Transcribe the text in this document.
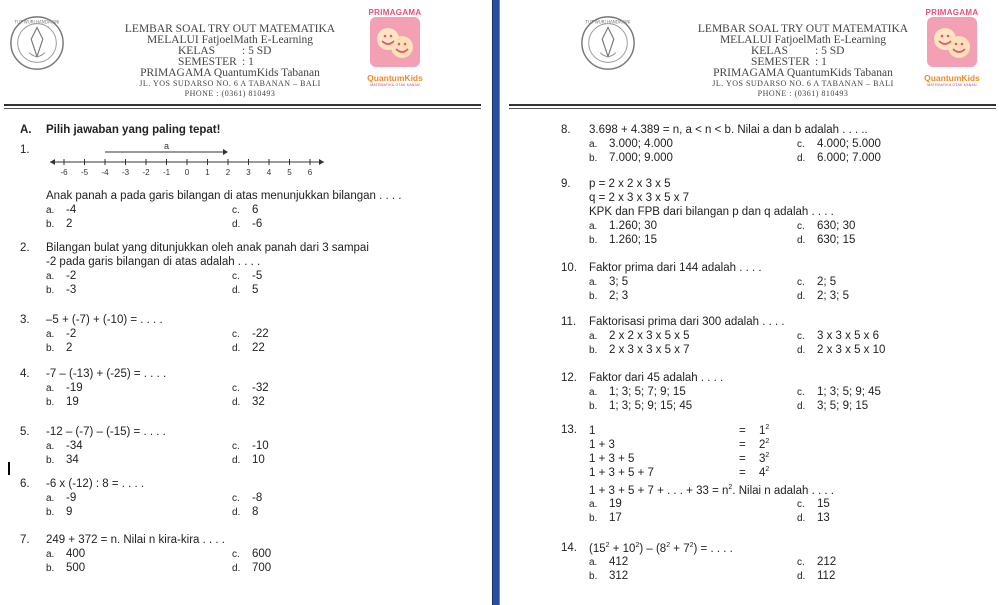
TUT WURI HANDAYANI
LEMBAR SOAL TRY OUT MATEMATIKA
MELALUI FatjoelMath E-Learning
KELAS : 5 SD
SEMESTER : 1
PRIMAGAMA QuantumKids Tabanan
JL. YOS SUDARSO NO. 6 A TABANAN – BALI
PHONE : (0361) 810493
PRIMAGAMA
QuantumKids
MATEMATIKA OTAK KANAN
A. Pilih jawaban yang paling tepat!
1.
-6 -5 -4 -3 -2 -1 0 1 2 3 4 5 6
a
Anak panah a pada garis bilangan di atas menunjukkan bilangan . . . .
a. -4
b. 2
c. 6
d. -6
2. Bilangan bulat yang ditunjukkan oleh anak panah dari 3 sampai
-2 pada garis bilangan di atas adalah . . . .
a. -2
b. -3
c. -5
d. 5
3. –5 + (-7) + (-10) = . . . .
a. -2
b. 2
c. -22
d. 22
4. -7 – (-13) + (-25) = . . . .
a. -19
b. 19
c. -32
d. 32
5. -12 – (-7) – (-15) = . . . .
a. -34
b. 34
c. -10
d. 10
6. -6 x (-12) : 8 = . . . .
a. -9
b. 9
c. -8
d. 8
7. 249 + 372 = n. Nilai n kira-kira . . . .
a. 400
b. 500
c. 600
d. 700
TUT WURI HANDAYANI
LEMBAR SOAL TRY OUT MATEMATIKA
MELALUI FatjoelMath E-Learning
KELAS : 5 SD
SEMESTER : 1
PRIMAGAMA QuantumKids Tabanan
JL. YOS SUDARSO NO. 6 A TABANAN – BALI
PHONE : (0361) 810493
PRIMAGAMA
QuantumKids
MATEMATIKA OTAK KANAN
8. 3.698 + 4.389 = n, a < n < b. Nilai a dan b adalah . . . ..
a. 3.000; 4.000
b. 7.000; 9.000
c. 4.000; 5.000
d. 6.000; 7.000
9. p = 2 x 2 x 3 x 5
q = 2 x 3 x 3 x 5 x 7
KPK dan FPB dari bilangan p dan q adalah . . . .
a. 1.260; 30
b. 1.260; 15
c. 630; 30
d. 630; 15
10. Faktor prima dari 144 adalah . . . .
a. 3; 5
b. 2; 3
c. 2; 5
d. 2; 3; 5
11. Faktorisasi prima dari 300 adalah . . . .
a. 2 x 2 x 3 x 5 x 5
b. 2 x 3 x 3 x 5 x 7
c. 3 x 3 x 5 x 6
d. 2 x 3 x 5 x 10
12. Faktor dari 45 adalah . . . .
a. 1; 3; 5; 7; 9; 15
b. 1; 3; 5; 9; 15; 45
c. 1; 3; 5; 9; 45
d. 3; 5; 9; 15
13. 1	= $1^2$
1 + 3	= $2^2$
1 + 3 + 5	= $3^2$
1 + 3 + 5 + 7	= $4^2$
1 + 3 + 5 + 7 + . . . + $33 = n^2$. Nilai n adalah . . . .
a. 19
b. 17
c. 15
d. 13
14. $(15^2 + 10^2) - (8^2 + 7^2)$ = . . . .
a. 412
b. 312
c. 212
d. 112
